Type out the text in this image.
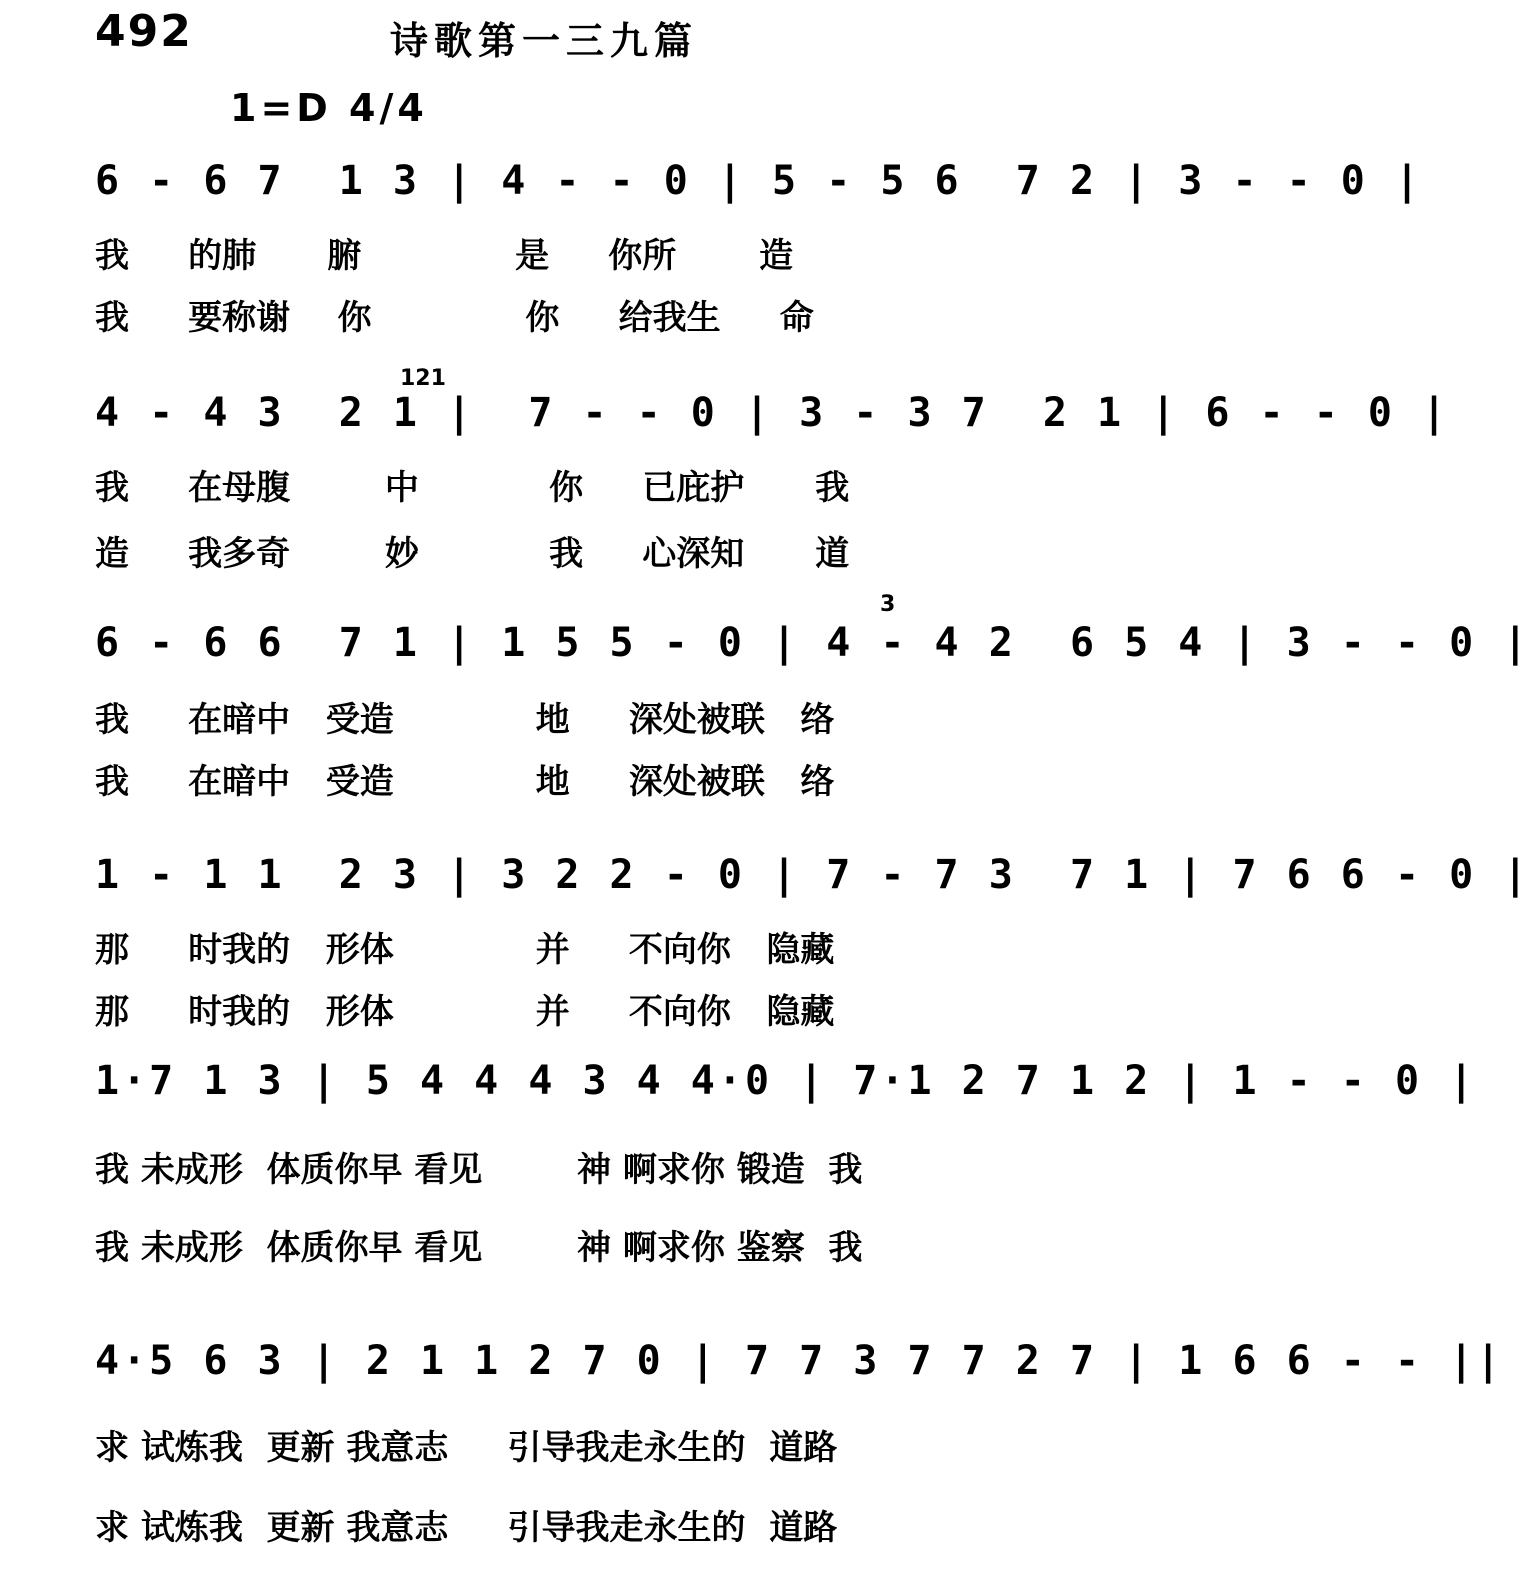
492	诗歌第一三九篇
1=D 4/4
6 - 6 7  1 3 | 4 - - 0 | 5 - 5 6  7 2 | 3 - - 0 |
我     的肺      腑             是     你所       造
我     要称谢    你             你     给我生     命
121
4 - 4 3  2 1 |  7 - - 0 | 3 - 3 7  2 1 | 6 - - 0 |
我     在母腹        中           你     已庇护      我
造     我多奇        妙           我     心深知      道
3
6 - 6 6  7 1 | 1 5 5 - 0 | 4 - 4 2  6 5 4 | 3 - - 0 |
我     在暗中   受造            地     深处被联   络
我     在暗中   受造            地     深处被联   络
1 - 1 1  2 3 | 3 2 2 - 0 | 7 - 7 3  7 1 | 7 6 6 - 0 |
那     时我的   形体            并     不向你   隐藏
那     时我的   形体            并     不向你   隐藏
1·7 1 3 | 5 4 4 4 3 4 4·0 | 7·1 2 7 1 2 | 1 - - 0 |
我 未成形  体质你早 看见        神 啊求你 锻造  我
我 未成形  体质你早 看见        神 啊求你 鉴察  我
4·5 6 3 | 2 1 1 2 7 0 | 7 7 3 7 7 2 7 | 1 6 6 - - ||
求 试炼我  更新 我意志     引导我走永生的  道路
求 试炼我  更新 我意志     引导我走永生的  道路
